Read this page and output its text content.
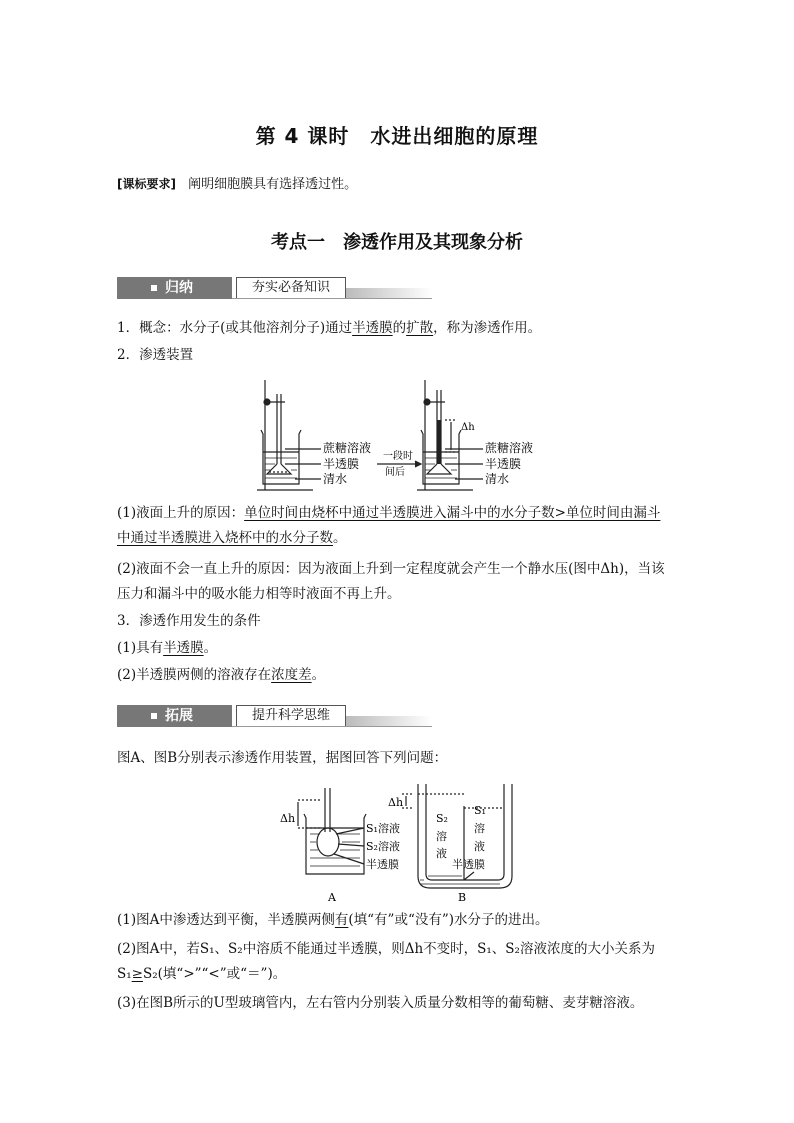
第 4 课时　水进出细胞的原理
[课标要求] 阐明细胞膜具有选择透过性。
考点一　渗透作用及其现象分析
归纳	夯实必备知识
1．概念：水分子(或其他溶剂分子)通过半透膜的扩散，称为渗透作用。
2．渗透装置
蔗糖溶液
半透膜
清水
一段时
间后
Δh
蔗糖溶液
半透膜
清水
(1)液面上升的原因：单位时间由烧杯中通过半透膜进入漏斗中的水分子数>单位时间由漏斗
中通过半透膜进入烧杯中的水分子数。
(2)液面不会一直上升的原因：因为液面上升到一定程度就会产生一个静水压(图中Δh)，当该
压力和漏斗中的吸水能力相等时液面不再上升。
3．渗透作用发生的条件
(1)具有半透膜。
(2)半透膜两侧的溶液存在浓度差。
拓展	提升科学思维
图A、图B分别表示渗透作用装置，据图回答下列问题：
Δh
S₁溶液
S₂溶液
半透膜
A
Δh
S₂
溶
液
S₁
溶
液
半透膜
B
(1)图A中渗透达到平衡，半透膜两侧有(填“有”或“没有”)水分子的进出。
(2)图A中，若S₁、S₂中溶质不能通过半透膜，则Δh不变时，S₁、S₂溶液浓度的大小关系为
S₁≥S₂(填“>”“<”或“＝”)。
(3)在图B所示的U型玻璃管内，左右管内分别装入质量分数相等的葡萄糖、麦芽糖溶液。
